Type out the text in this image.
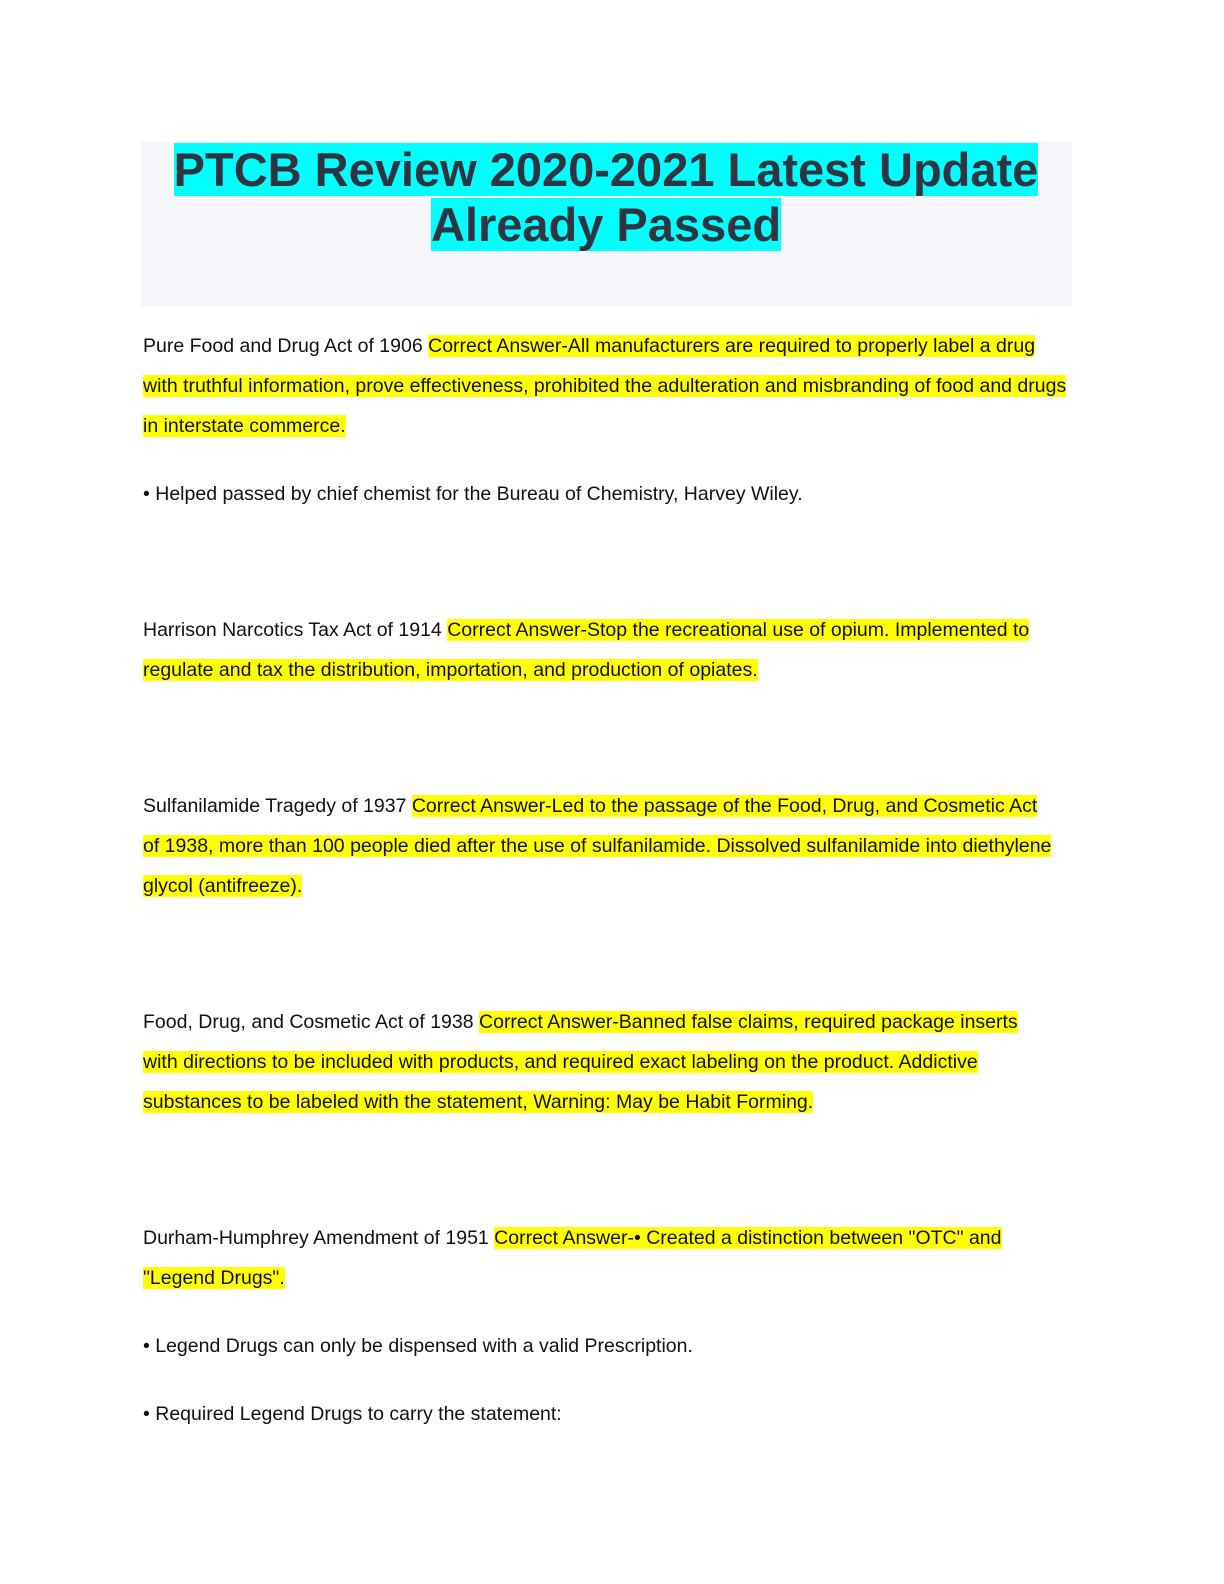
PTCB Review 2020-2021 Latest Update
Already Passed

Pure Food and Drug Act of 1906 Correct Answer-All manufacturers are required to properly label a drug with truthful information, prove effectiveness, prohibited the adulteration and misbranding of food and drugs in interstate commerce.

• Helped passed by chief chemist for the Bureau of Chemistry, Harvey Wiley.

Harrison Narcotics Tax Act of 1914 Correct Answer-Stop the recreational use of opium. Implemented to regulate and tax the distribution, importation, and production of opiates.

Sulfanilamide Tragedy of 1937 Correct Answer-Led to the passage of the Food, Drug, and Cosmetic Act of 1938, more than 100 people died after the use of sulfanilamide. Dissolved sulfanilamide into diethylene glycol (antifreeze).

Food, Drug, and Cosmetic Act of 1938 Correct Answer-Banned false claims, required package inserts with directions to be included with products, and required exact labeling on the product. Addictive substances to be labeled with the statement, Warning: May be Habit Forming.

Durham-Humphrey Amendment of 1951 Correct Answer-• Created a distinction between "OTC" and "Legend Drugs".

• Legend Drugs can only be dispensed with a valid Prescription.

• Required Legend Drugs to carry the statement:
